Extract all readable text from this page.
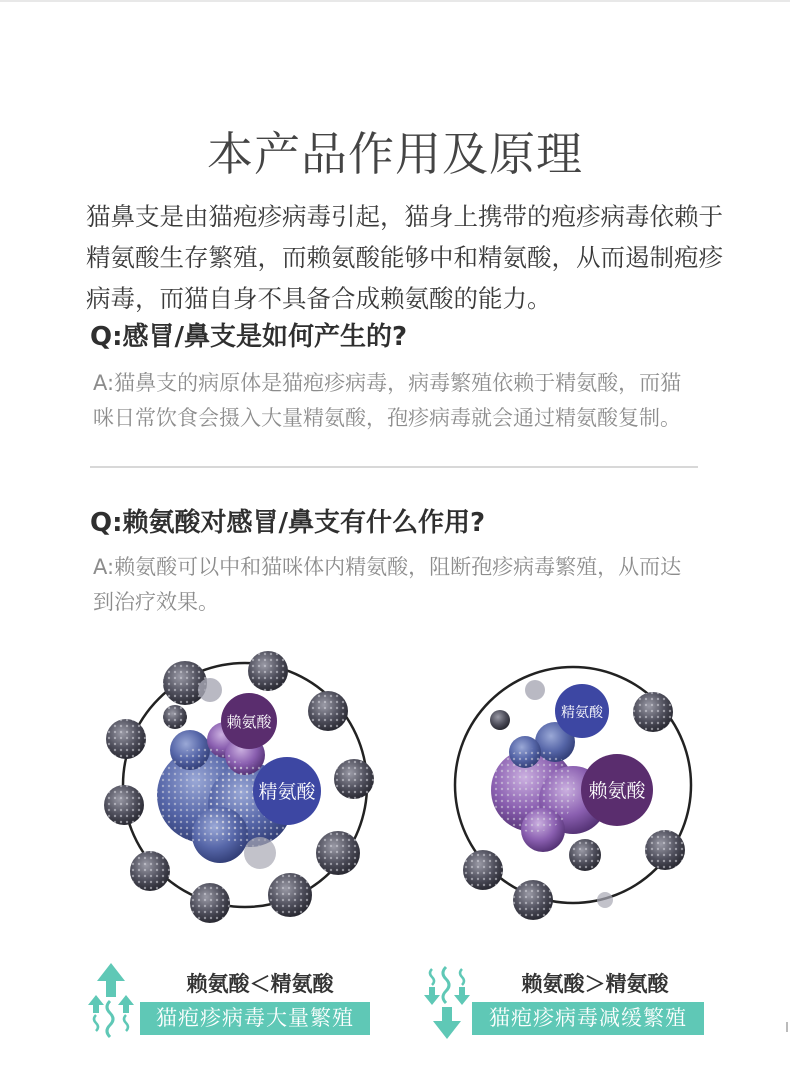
本产品作用及原理
猫鼻支是由猫疱疹病毒引起，猫身上携带的疱疹病毒依赖于
精氨酸生存繁殖，而赖氨酸能够中和精氨酸，从而遏制疱疹
病毒，而猫自身不具备合成赖氨酸的能力。
Q:感冒/鼻支是如何产生的?
A:猫鼻支的病原体是猫疱疹病毒，病毒繁殖依赖于精氨酸，而猫
咪日常饮食会摄入大量精氨酸，孢疹病毒就会通过精氨酸复制。
Q:赖氨酸对感冒/鼻支有什么作用?
A:赖氨酸可以中和猫咪体内精氨酸，阻断孢疹病毒繁殖，从而达
到治疗效果。
赖氨酸
精氨酸
精氨酸
赖氨酸
赖氨酸＜精氨酸
猫疱疹病毒大量繁殖
赖氨酸＞精氨酸
猫疱疹病毒减缓繁殖
